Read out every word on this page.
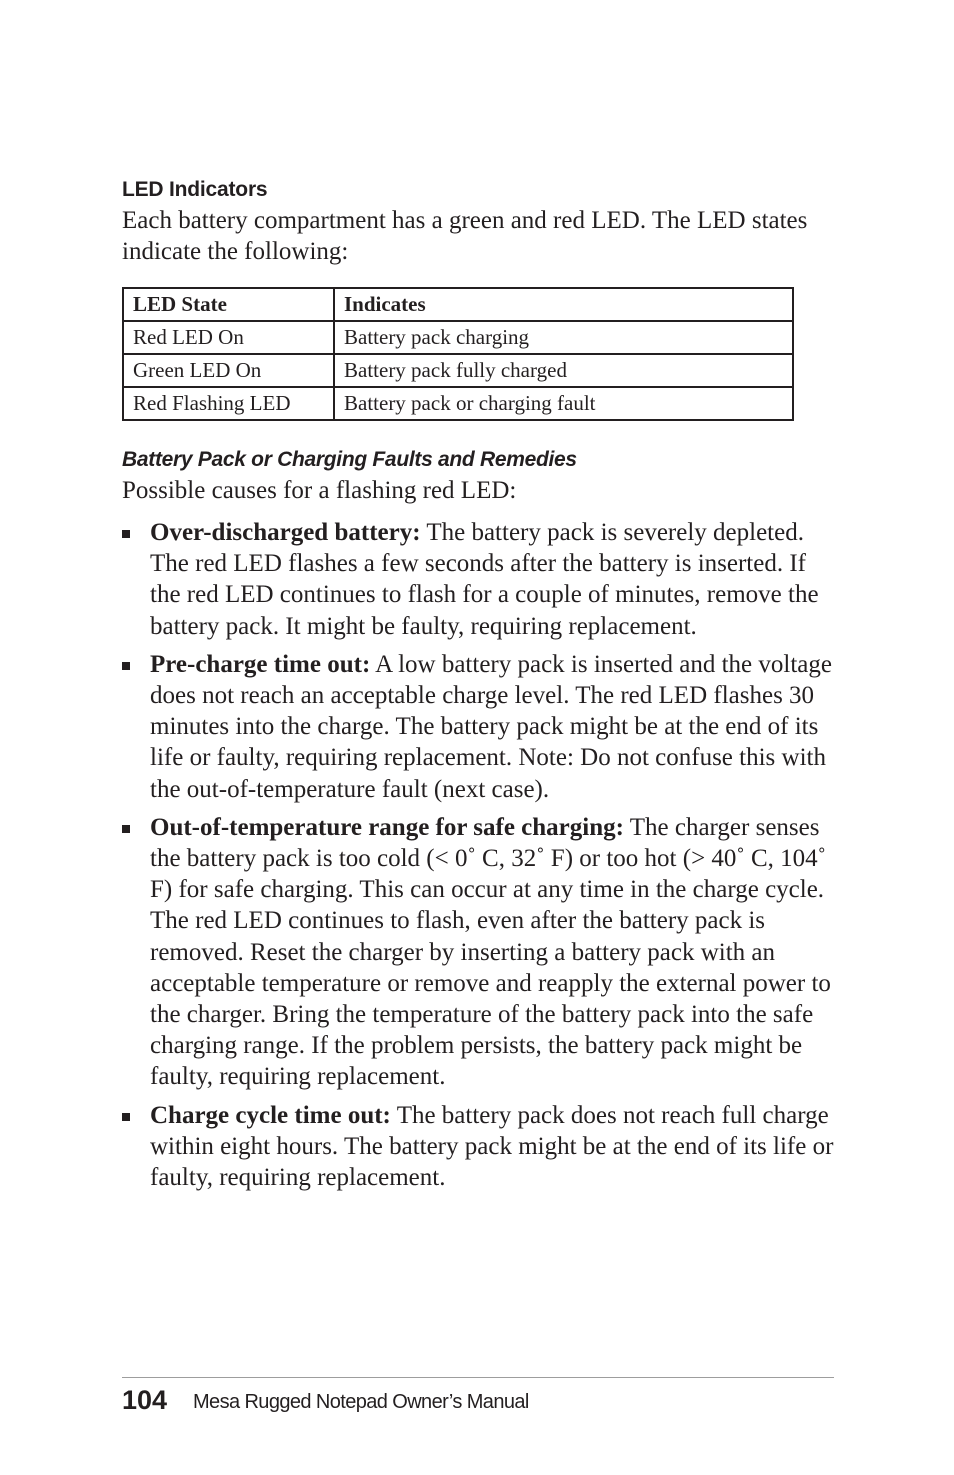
LED Indicators

Each battery compartment has a green and red LED. The LED states indicate the following:

LED State	Indicates
Red LED On	Battery pack charging
Green LED On	Battery pack fully charged
Red Flashing LED	Battery pack or charging fault
Battery Pack or Charging Faults and Remedies

Possible causes for a flashing red LED:

Over-discharged battery: The battery pack is severely depleted. The red LED flashes a few seconds after the battery is inserted. If the red LED continues to flash for a couple of minutes, remove the battery pack. It might be faulty, requiring replacement.
Pre-charge time out: A low battery pack is inserted and the voltage does not reach an acceptable charge level. The red LED flashes 30 minutes into the charge. The battery pack might be at the end of its life or faulty, requiring replacement. Note: Do not confuse this with the out-of-temperature fault (next case).
Out-of-temperature range for safe charging: The charger senses the battery pack is too cold (< 0˚ C, 32˚ F) or too hot (> 40˚ C, 104˚ F) for safe charging. This can occur at any time in the charge cycle. The red LED continues to flash, even after the battery pack is removed. Reset the charger by inserting a battery pack with an acceptable temperature or remove and reapply the external power to the charger. Bring the temperature of the battery pack into the safe charging range. If the problem persists, the battery pack might be faulty, requiring replacement.
Charge cycle time out: The battery pack does not reach full charge within eight hours. The battery pack might be at the end of its life or faulty, requiring replacement.
104 Mesa Rugged Notepad Owner’s Manual
